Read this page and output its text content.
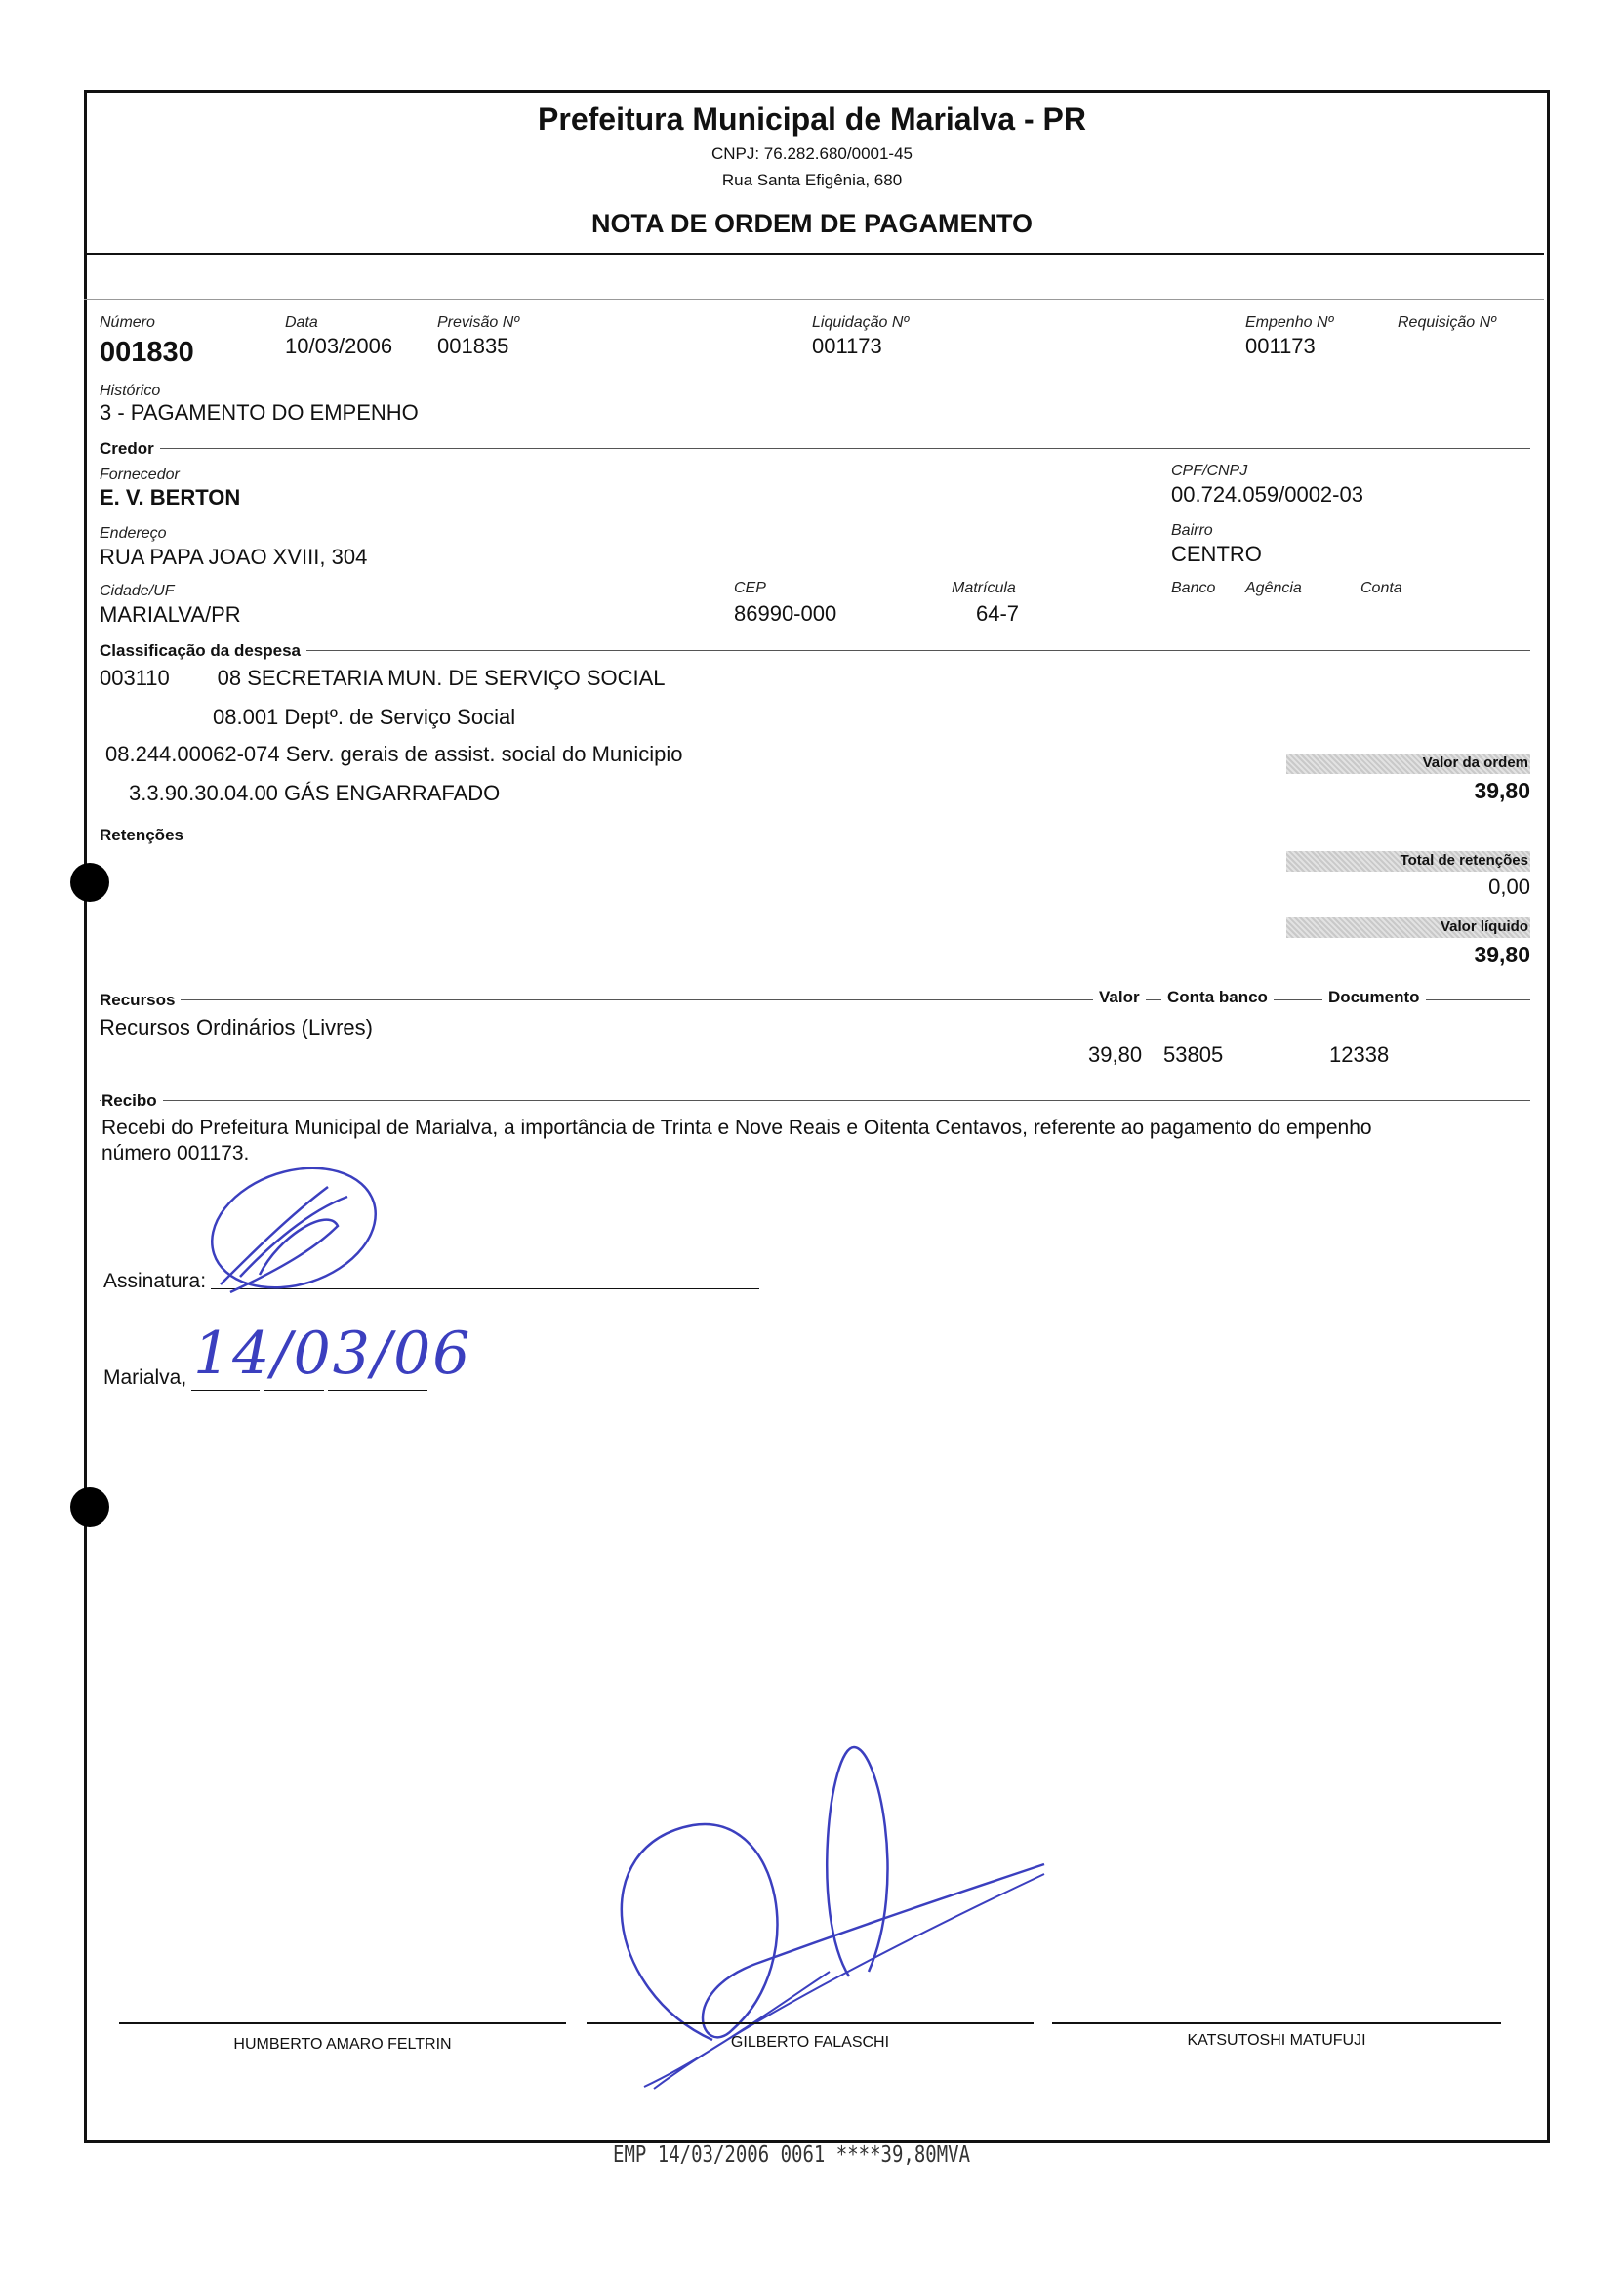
Prefeitura Municipal de Marialva - PR
CNPJ: 76.282.680/0001-45
Rua Santa Efigênia, 680
NOTA DE ORDEM DE PAGAMENTO
Número
001830
Data
10/03/2006
Previsão Nº
001835
Liquidação Nº
001173
Empenho Nº
001173
Requisição Nº
Histórico
3 - PAGAMENTO DO EMPENHO
Credor
Fornecedor
E. V. BERTON
CPF/CNPJ
00.724.059/0002-03
Endereço
RUA PAPA JOAO XVIII, 304
Bairro
CENTRO
Cidade/UF
MARIALVA/PR
CEP
86990-000
Matrícula
64-7
Banco Agência	Conta
Classificação da despesa
003110        08 SECRETARIA MUN. DE SERVIÇO SOCIAL
08.001 Deptº. de Serviço Social
08.244.00062-074 Serv. gerais de assist. social do Municipio
3.3.90.30.04.00 GÁS ENGARRAFADO
Valor da ordem
39,80
Retenções
Total de retenções
0,00
Valor líquido
39,80
Recursos	Valor	Conta banco	Documento
Recursos Ordinários (Livres)
39,80 53805	12338
Recibo
Recebi do Prefeitura Municipal de Marialva, a importância de Trinta e Nove Reais e Oitenta Centavos, referente ao pagamento do empenho
número 001173.
Assinatura:
Marialva, 14/03/06
HUMBERTO AMARO FELTRIN	GILBERTO FALASCHI	KATSUTOSHI MATUFUJI
EMP 14/03/2006 0061 ****39,80MVA
